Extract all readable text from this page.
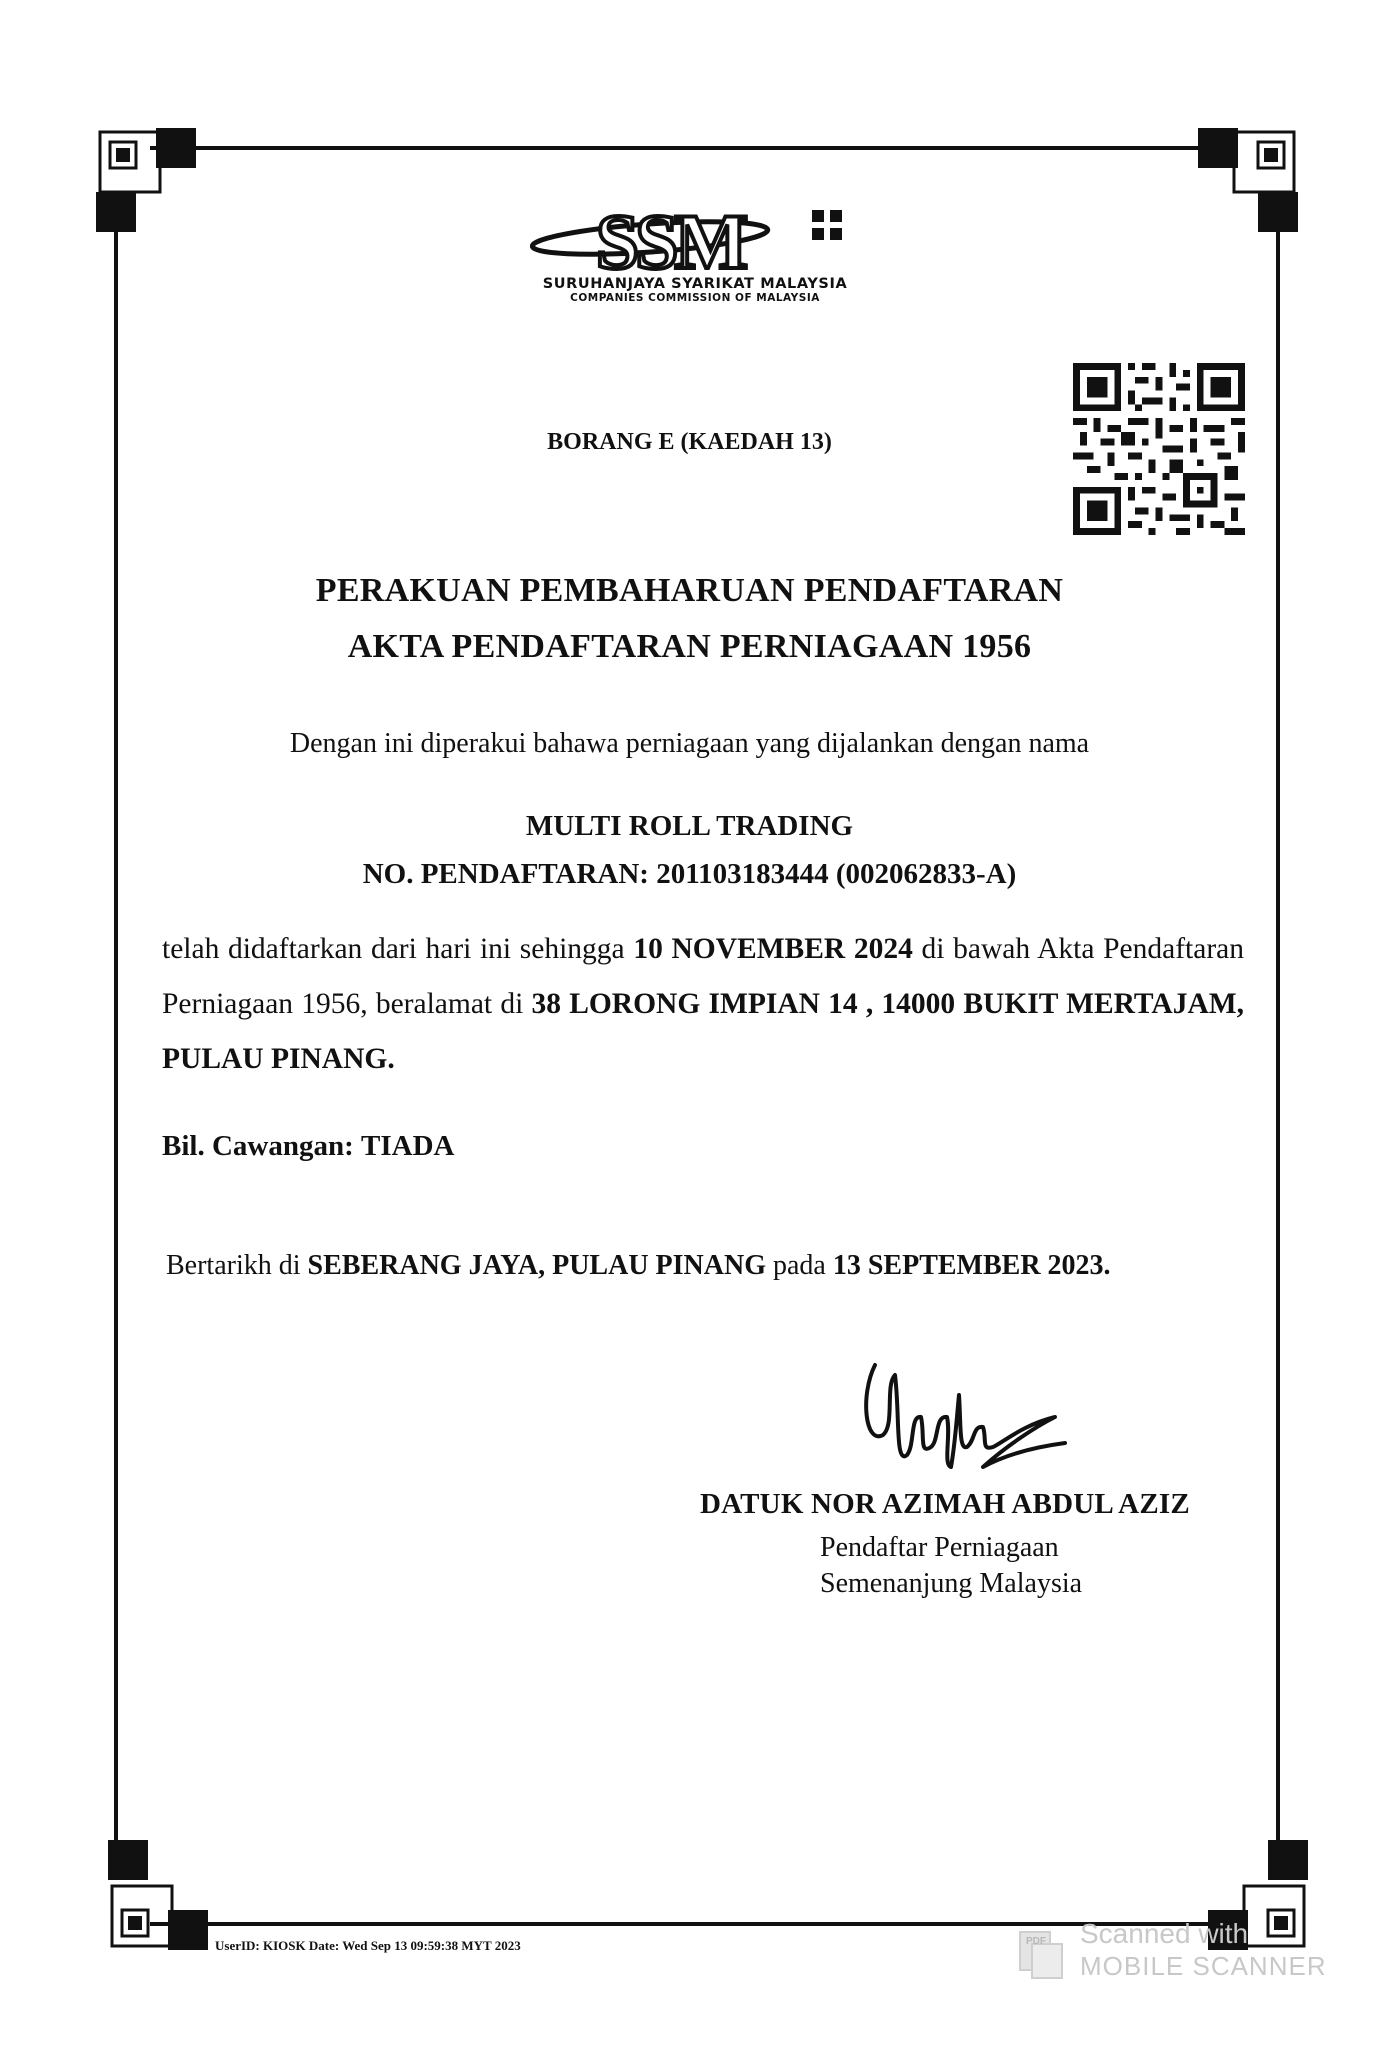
SSM
SURUHANJAYA SYARIKAT MALAYSIA
COMPANIES COMMISSION OF MALAYSIA
BORANG E (KAEDAH 13)
PERAKUAN PEMBAHARUAN PENDAFTARAN
AKTA PENDAFTARAN PERNIAGAAN 1956
Dengan ini diperakui bahawa perniagaan yang dijalankan dengan nama
MULTI ROLL TRADING
NO. PENDAFTARAN: 201103183444 (002062833-A)
telah didaftarkan dari hari ini sehingga 10 NOVEMBER 2024 di bawah Akta Pendaftaran Perniagaan 1956, beralamat di 38 LORONG IMPIAN 14 , 14000 BUKIT MERTAJAM, PULAU PINANG.
Bil. Cawangan: TIADA
Bertarikh di SEBERANG JAYA, PULAU PINANG pada 13 SEPTEMBER 2023.
DATUK NOR AZIMAH ABDUL AZIZ
Pendaftar Perniagaan
Semenanjung Malaysia
UserID: KIOSK Date: Wed Sep 13 09:59:38 MYT 2023	PDF Scanned with
MOBILE SCANNER
